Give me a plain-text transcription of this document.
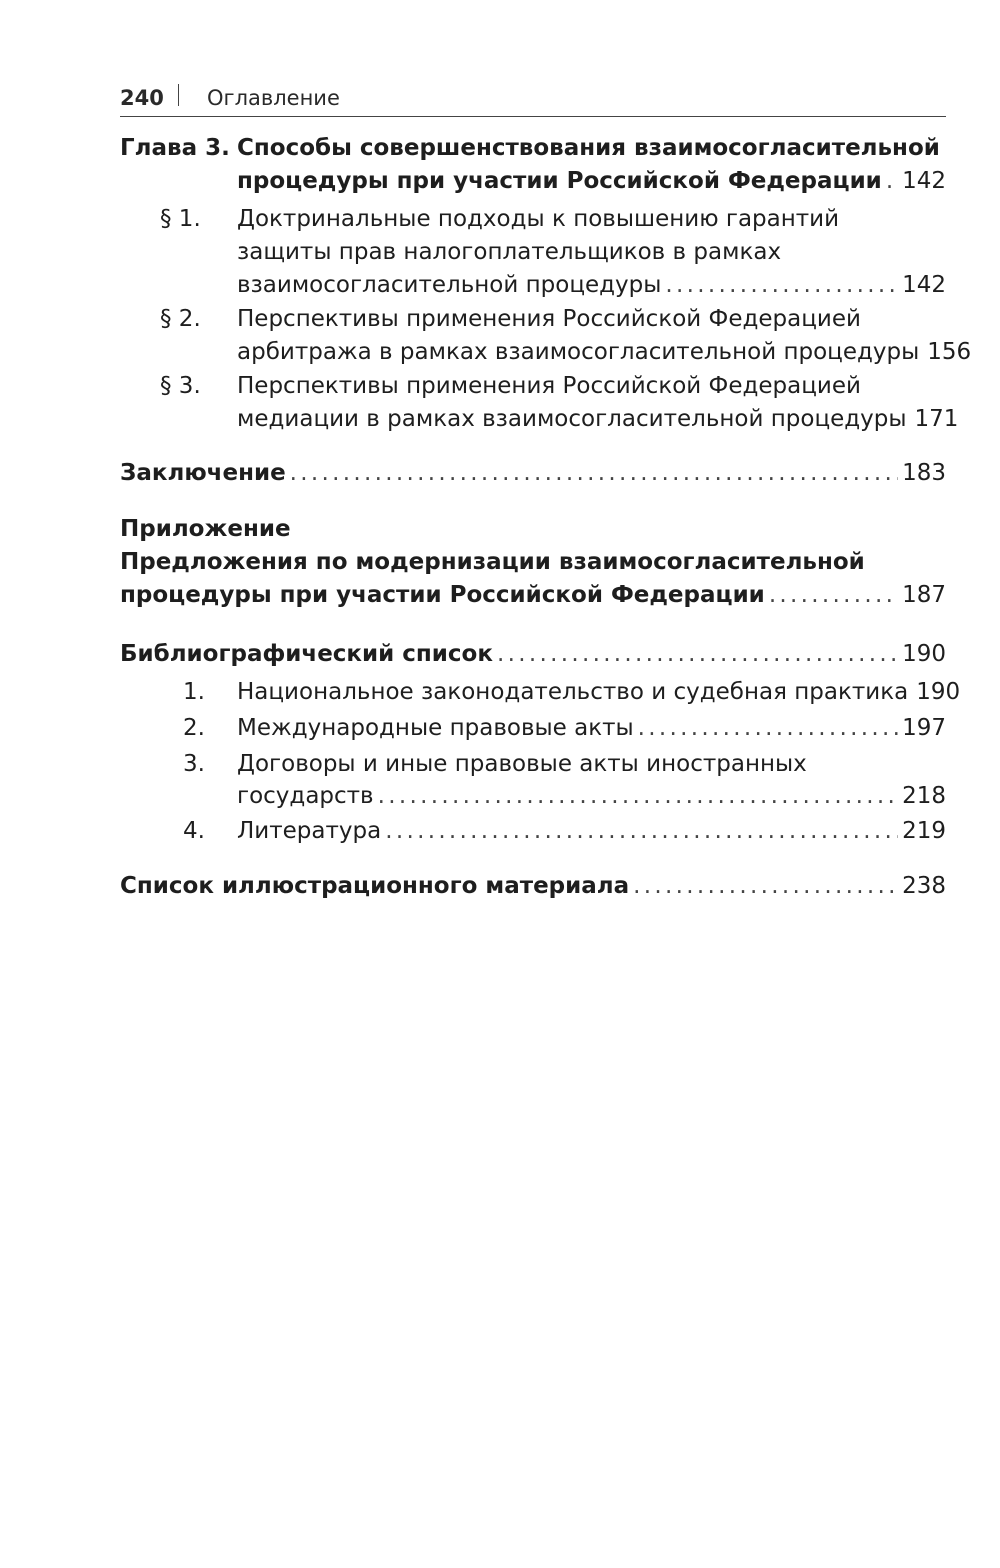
240 Оглавление
Глава 3. Способы совершенствования взаимосогласительной
процедуры при участии Российской Федерации . . . 142
§ 1. Доктринальные подходы к повышению гарантий
защиты прав налогоплательщиков в рамках
взаимосогласительной процедуры . . .	142
§ 2. Перспективы применения Российской Федерацией
арбитража в рамках взаимосогласительной процедуры 156
§ 3. Перспективы применения Российской Федерацией
медиации в рамках взаимосогласительной процедуры 171
Заключение . . .	183
Приложение
Предложения по модернизации взаимосогласительной
процедуры при участии Российской Федерации . . .	187
Библиографический список . . .	190
1. Национальное законодательство и судебная практика 190
2. Международные правовые акты . . .	197
3. Договоры и иные правовые акты иностранных
государств . . .	218
4. Литература . . .	219
Список иллюстрационного материала . . .	238
